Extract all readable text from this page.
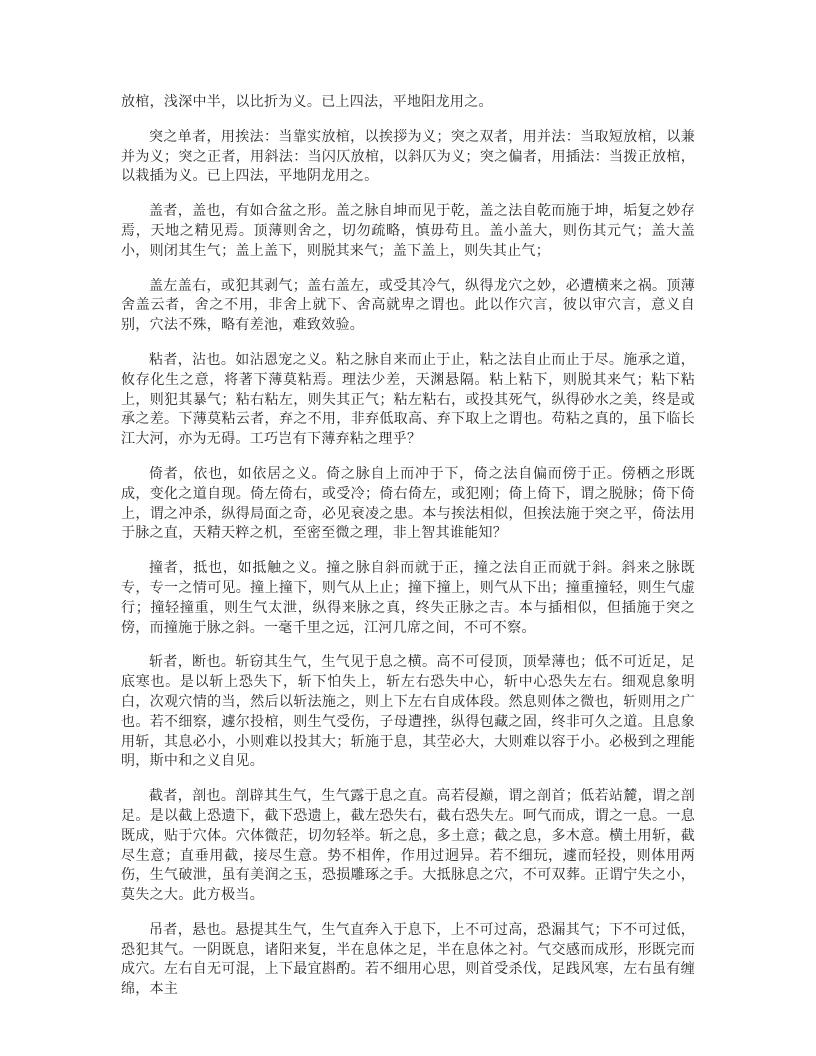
放棺，浅深中半，以比折为义。已上四法，平地阳龙用之。

突之单者，用挨法：当靠实放棺，以挨拶为义；突之双者，用并法：当取短放棺，以兼并为义；突之正者，用斜法：当闪仄放棺，以斜仄为义；突之偏者，用插法：当拨正放棺，以栽插为义。已上四法，平地阴龙用之。

盖者，盖也，有如合盆之形。盖之脉自坤而见于乾，盖之法自乾而施于坤，垢复之妙存焉，天地之精见焉。顶薄则舍之，切勿疏略，慎毋苟且。盖小盖大，则伤其元气；盖大盖小，则闭其生气；盖上盖下，则脱其来气；盖下盖上，则失其止气；

盖左盖右，或犯其剥气；盖右盖左，或受其冷气，纵得龙穴之妙，必遭横来之祸。顶薄舍盖云者，舍之不用，非舍上就下、舍高就卑之谓也。此以作穴言，彼以审穴言，意义自别，穴法不殊，略有差池，难致效验。

粘者，沾也。如沾恩宠之义。粘之脉自来而止于止，粘之法自止而止于尽。施承之道，攸存化生之意，将著下薄莫粘焉。理法少差，天渊悬隔。粘上粘下，则脱其来气；粘下粘上，则犯其暴气；粘右粘左，则失其正气；粘左粘右，或投其死气，纵得砂水之美，终是或承之差。下薄莫粘云者，弃之不用，非弃低取高、弃下取上之谓也。苟粘之真的，虽下临长江大河，亦为无碍。工巧岂有下薄弃粘之理乎？

倚者，依也，如依居之义。倚之脉自上而冲于下，倚之法自偏而傍于正。傍栖之形既成，变化之道自现。倚左倚右，或受冷；倚右倚左，或犯刚；倚上倚下，谓之脱脉；倚下倚上，谓之冲杀，纵得局面之奇，必见衰凌之患。本与挨法相似，但挨法施于突之平，倚法用于脉之直，天精天粹之机，至密至微之理，非上智其谁能知？

撞者，抵也，如抵触之义。撞之脉自斜而就于正，撞之法自正而就于斜。斜来之脉既专，专一之情可见。撞上撞下，则气从上止；撞下撞上，则气从下出；撞重撞轻，则生气虚行；撞轻撞重，则生气太泄，纵得来脉之真，终失正脉之吉。本与插相似，但插施于突之傍，而撞施于脉之斜。一毫千里之远，江河几席之间，不可不察。

斩者，断也。斩窃其生气，生气见于息之横。高不可侵顶，顶晕薄也；低不可近足，足底寒也。是以斩上恐失下，斩下怕失上，斩左右恐失中心，斩中心恐失左右。细观息象明白，次观穴情的当，然后以斩法施之，则上下左右自成体段。然息则体之微也，斩则用之广也。若不细察，遽尔投棺，则生气受伤，子母遭挫，纵得包藏之固，终非可久之道。且息象用斩，其息必小，小则难以投其大；斩施于息，其茔必大，大则难以容于小。必极到之理能明，斯中和之义自见。

截者，剖也。剖辟其生气，生气露于息之直。高若侵巅，谓之剖首；低若站麓，谓之剖足。是以截上恐遗下，截下恐遗上，截左恐失右，截右恐失左。呵气而成，谓之一息。一息既成，贴于穴体。穴体微茫，切勿轻举。斩之息，多土意；截之息，多木意。横土用斩，截尽生意；直垂用截，接尽生意。势不相侔，作用过迥异。若不细玩，遽而轻投，则体用两伤，生气破泄，虽有美润之玉，恐损雕琢之手。大抵脉息之穴，不可双葬。正谓宁失之小，莫失之大。此方极当。

吊者，悬也。悬提其生气，生气直奔入于息下，上不可过高，恐漏其气；下不可过低，恐犯其气。一阴既息，诸阳来复，半在息体之足，半在息体之衬。气交感而成形，形既完而成穴。左右自无可混，上下最宜斟酌。若不细用心思，则首受杀伐，足践风寒，左右虽有缠绵，本主
